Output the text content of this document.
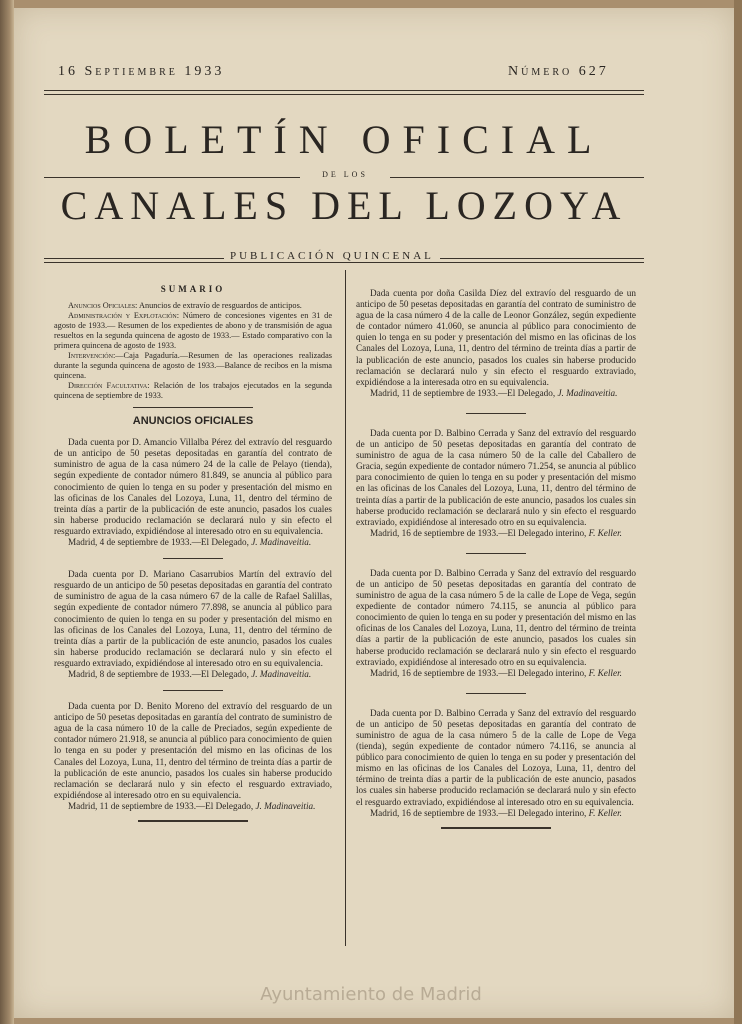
16 Septiembre 1933	Número 627
BOLETÍN OFICIAL
DE LOS
CANALES DEL LOZOYA
PUBLICACIÓN QUINCENAL
SUMARIO

Anuncios Oficiales: Anuncios de extravío de resguardos de anticipos.

Administración y Explotación: Número de concesiones vigentes en 31 de agosto de 1933.— Resumen de los expedientes de abono y de transmisión de agua resueltos en la segunda quincena de agosto de 1933.— Estado comparativo con la primera quincena de agosto de 1933.

Intervención:—Caja Pagaduría.—Resumen de las operaciones realizadas durante la segunda quincena de agosto de 1933.—Balance de recibos en la misma quincena.

Dirección Facultativa: Relación de los trabajos ejecutados en la segunda quincena de septiembre de 1933.

ANUNCIOS OFICIALES

Dada cuenta por D. Amancio Villalba Pérez del extravío del resguardo de un anticipo de 50 pesetas depositadas en garantía del contrato de suministro de agua de la casa número 24 de la calle de Pelayo (tienda), según expediente de contador número 81.849, se anuncia al público para conocimiento de quien lo tenga en su poder y presentación del mismo en las oficinas de los Canales del Lozoya, Luna, 11, dentro del término de treinta días a partir de la publicación de este anuncio, pasados los cuales sin haberse producido reclamación se declarará nulo y sin efecto el resguardo extraviado, expidiéndose al interesado otro en su equivalencia.

Madrid, 4 de septiembre de 1933.—El Delegado, J. Madinaveitia.

Dada cuenta por D. Mariano Casarrubios Martín del extravío del resguardo de un anticipo de 50 pesetas depositadas en garantía del contrato de suministro de agua de la casa número 67 de la calle de Rafael Salillas, según expediente de contador número 77.898, se anuncia al público para conocimiento de quien lo tenga en su poder y presentación del mismo en las oficinas de los Canales del Lozoya, Luna, 11, dentro del término de treinta días a partir de la publicación de este anuncio, pasados los cuales sin haberse producido reclamación se declarará nulo y sin efecto el resguardo extraviado, expidiéndose al interesado otro en su equivalencia.

Madrid, 8 de septiembre de 1933.—El Delegado, J. Madinaveitia.

Dada cuenta por D. Benito Moreno del extravío del resguardo de un anticipo de 50 pesetas depositadas en garantía del contrato de suministro de agua de la casa número 10 de la calle de Preciados, según expediente de contador número 21.918, se anuncia al público para conocimiento de quien lo tenga en su poder y presentación del mismo en las oficinas de los Canales del Lozoya, Luna, 11, dentro del término de treinta días a partir de la publicación de este anuncio, pasados los cuales sin haberse producido reclamación se declarará nulo y sin efecto el resguardo extraviado, expidiéndose al interesado otro en su equivalencia.

Madrid, 11 de septiembre de 1933.—El Delegado, J. Madinaveitia.

Dada cuenta por doña Casilda Díez del extravío del resguardo de un anticipo de 50 pesetas depositadas en garantía del contrato de suministro de agua de la casa número 4 de la calle de Leonor González, según expediente de contador número 41.060, se anuncia al público para conocimiento de quien lo tenga en su poder y presentación del mismo en las oficinas de los Canales del Lozoya, Luna, 11, dentro del término de treinta días a partir de la publicación de este anuncio, pasados los cuales sin haberse producido reclamación se declarará nulo y sin efecto el resguardo extraviado, expidiéndose a la interesada otro en su equivalencia.

Madrid, 11 de septiembre de 1933.—El Delegado, J. Madinaveitia.

Dada cuenta por D. Balbino Cerrada y Sanz del extravío del resguardo de un anticipo de 50 pesetas depositadas en garantía del contrato de suministro de agua de la casa número 50 de la calle del Caballero de Gracia, según expediente de contador número 71.254, se anuncia al público para conocimiento de quien lo tenga en su poder y presentación del mismo en las oficinas de los Canales del Lozoya, Luna, 11, dentro del término de treinta días a partir de la publicación de este anuncio, pasados los cuales sin haberse producido reclamación se declarará nulo y sin efecto el resguardo extraviado, expidiéndose al interesado otro en su equivalencia.

Madrid, 16 de septiembre de 1933.—El Delegado interino, F. Keller.

Dada cuenta por D. Balbino Cerrada y Sanz del extravío del resguardo de un anticipo de 50 pesetas depositadas en garantía del contrato de suministro de agua de la casa número 5 de la calle de Lope de Vega, según expediente de contador número 74.115, se anuncia al público para conocimiento de quien lo tenga en su poder y presentación del mismo en las oficinas de los Canales del Lozoya, Luna, 11, dentro del término de treinta días a partir de la publicación de este anuncio, pasados los cuales sin haberse producido reclamación se declarará nulo y sin efecto el resguardo extraviado, expidiéndose al interesado otro en su equivalencia.

Madrid, 16 de septiembre de 1933.—El Delegado interino, F. Keller.

Dada cuenta por D. Balbino Cerrada y Sanz del extravío del resguardo de un anticipo de 50 pesetas depositadas en garantía del contrato de suministro de agua de la casa número 5 de la calle de Lope de Vega (tienda), según expediente de contador número 74.116, se anuncia al público para conocimiento de quien lo tenga en su poder y presentación del mismo en las oficinas de los Canales del Lozoya, Luna, 11, dentro del término de treinta días a partir de la publicación de este anuncio, pasados los cuales sin haberse producido reclamación se declarará nulo y sin efecto el resguardo extraviado, expidiéndose al interesado otro en su equivalencia.

Madrid, 16 de septiembre de 1933.—El Delegado interino, F. Keller.

Ayuntamiento de Madrid
